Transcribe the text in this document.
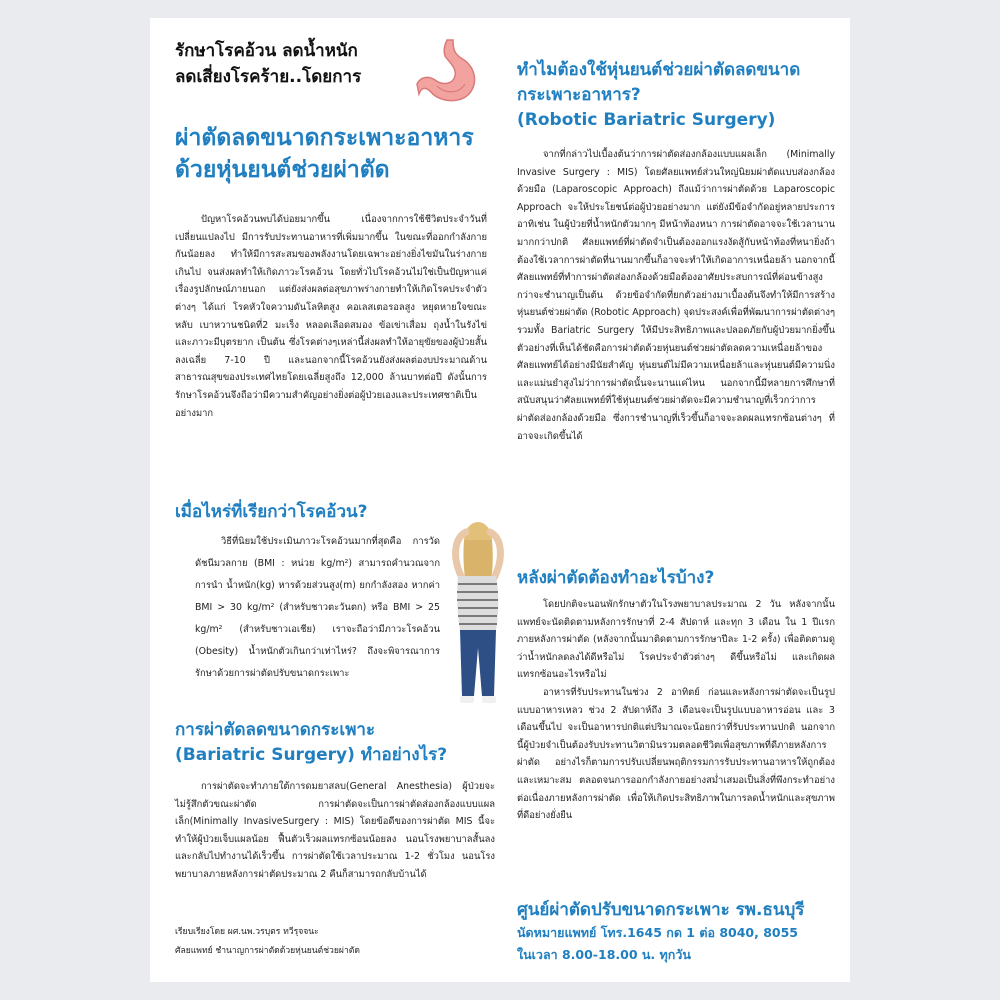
รักษาโรคอ้วน ลดน้ำหนัก
ลดเสี่ยงโรคร้าย..โดยการ
ผ่าตัดลดขนาดกระเพาะอาหาร
ด้วยหุ่นยนต์ช่วยผ่าตัด

ปัญหาโรคอ้วนพบได้บ่อยมากขึ้น เนื่องจากการใช้ชีวิตประจำวันที่เปลี่ยนแปลงไป มีการรับประทานอาหารที่เพิ่มมากขึ้น ในขณะที่ออกกำลังกายกันน้อยลง ทำให้มีการสะสมของพลังงานโดยเฉพาะอย่างยิ่งไขมันในร่างกายเกินไป จนส่งผลทำให้เกิดภาวะโรคอ้วน โดยทั่วไปโรคอ้วนไม่ใช่เป็นปัญหาแค่เรื่องรูปลักษณ์ภายนอก แต่ยังส่งผลต่อสุขภาพร่างกายทำให้เกิดโรคประจำตัวต่างๆ ได้แก่ โรคหัวใจความดันโลหิตสูง คอเลสเตอรอลสูง หยุดหายใจขณะหลับ เบาหวานชนิดที่2 มะเร็ง หลอดเลือดสมอง ข้อเข่าเสื่อม ถุงน้ำในรังไข่ และภาวะมีบุตรยาก เป็นต้น ซึ่งโรคต่างๆเหล่านี้ส่งผลทำให้อายุขัยของผู้ป่วยสั้นลงเฉลี่ย 7-10 ปี และนอกจากนี้โรคอ้วนยังส่งผลต่องบประมาณด้านสาธารณสุขของประเทศไทยโดยเฉลี่ยสูงถึง 12,000 ล้านบาทต่อปี ดังนั้นการรักษาโรคอ้วนจึงถือว่ามีความสำคัญอย่างยิ่งต่อผู้ป่วยเองและประเทศชาติเป็นอย่างมาก

เมื่อไหร่ที่เรียกว่าโรคอ้วน?

วิธีที่นิยมใช้ประเมินภาวะโรคอ้วนมากที่สุดคือ การวัดดัชนีมวลกาย (BMI : หน่วย kg/m²) สามารถคำนวณจากการนำ น้ำหนัก(kg) หารด้วยส่วนสูง(m) ยกกำลังสอง หากค่า BMI > 30 kg/m² (สำหรับชาวตะวันตก) หรือ BMI > 25 kg/m² (สำหรับชาวเอเชีย) เราจะถือว่ามีภาวะโรคอ้วน (Obesity) น้ำหนักตัวเกินกว่าเท่าไหร่? ถึงจะพิจารณาการรักษาด้วยการผ่าตัดปรับขนาดกระเพาะ

การผ่าตัดลดขนาดกระเพาะ
(Bariatric Surgery) ทำอย่างไร?

การผ่าตัดจะทำภายใต้การดมยาสลบ(General Anesthesia) ผู้ป่วยจะไม่รู้สึกตัวขณะผ่าตัด การผ่าตัดจะเป็นการผ่าตัดส่องกล้องแบบแผลเล็ก(Minimally InvasiveSurgery : MIS) โดยข้อดีของการผ่าตัด MIS นี้จะทำให้ผู้ป่วยเจ็บแผลน้อย ฟื้นตัวเร็วผลแทรกซ้อนน้อยลง นอนโรงพยาบาลสั้นลง และกลับไปทำงานได้เร็วขึ้น การผ่าตัดใช้เวลาประมาณ 1-2 ชั่วโมง นอนโรงพยาบาลภายหลังการผ่าตัดประมาณ 2 คืนก็สามารถกลับบ้านได้

เรียบเรียงโดย ผศ.นพ.วรบุตร ทวีรุจจนะ
ศัลยแพทย์ ชำนาญการผ่าตัดด้วยหุ่นยนต์ช่วยผ่าตัด
ทำไมต้องใช้หุ่นยนต์ช่วยผ่าตัดลดขนาด
กระเพาะอาหาร?
(Robotic Bariatric Surgery)

จากที่กล่าวไปเบื้องต้นว่าการผ่าตัดส่องกล้องแบบแผลเล็ก (Minimally Invasive Surgery : MIS) โดยศัลยแพทย์ส่วนใหญ่นิยมผ่าตัดแบบส่องกล้องด้วยมือ (Laparoscopic Approach) ถึงแม้ว่าการผ่าตัดด้วย Laparoscopic Approach จะให้ประโยชน์ต่อผู้ป่วยอย่างมาก แต่ยังมีข้อจำกัดอยู่หลายประการ อาทิเช่น ในผู้ป่วยที่น้ำหนักตัวมากๆ มีหน้าท้องหนา การผ่าตัดอาจจะใช้เวลานานมากกว่าปกติ ศัลยแพทย์ที่ผ่าตัดจำเป็นต้องออกแรงงัดสู้กับหน้าท้องที่หนายิ่งถ้าต้องใช้เวลาการผ่าตัดที่นานมากขึ้นก็อาจจะทำให้เกิดอาการเหนื่อยล้า นอกจากนี้ศัลยแพทย์ที่ทำการผ่าตัดส่องกล้องด้วยมือต้องอาศัยประสบการณ์ที่ค่อนข้างสูงกว่าจะชำนาญเป็นต้น ด้วยข้อจำกัดที่ยกตัวอย่างมาเบื้องต้นจึงทำให้มีการสร้างหุ่นยนต์ช่วยผ่าตัด (Robotic Approach) จุดประสงค์เพื่อที่พัฒนาการผ่าตัดต่างๆ รวมทั้ง Bariatric Surgery ให้มีประสิทธิภาพและปลอดภัยกับผู้ป่วยมากยิ่งขึ้น ตัวอย่างที่เห็นได้ชัดคือการผ่าตัดด้วยหุ่นยนต์ช่วยผ่าตัดลดความเหนื่อยล้าของศัลยแพทย์ได้อย่างมีนัยสำคัญ หุ่นยนต์ไม่มีความเหนื่อยล้าและหุ่นยนต์มีความนิ่งและแม่นยำสูงไม่ว่าการผ่าตัดนั้นจะนานแค่ไหน นอกจากนี้มีหลายการศึกษาที่สนับสนุนว่าศัลยแพทย์ที่ใช้หุ่นยนต์ช่วยผ่าตัดจะมีความชำนาญที่เร็วกว่าการผ่าตัดส่องกล้องด้วยมือ ซึ่งการชำนาญที่เร็วขึ้นก็อาจจะลดผลแทรกซ้อนต่างๆ ที่อาจจะเกิดขึ้นได้

หลังผ่าตัดต้องทำอะไรบ้าง?

โดยปกติจะนอนพักรักษาตัวในโรงพยาบาลประมาณ 2 วัน หลังจากนั้นแพทย์จะนัดติดตามหลังการรักษาที่ 2-4 สัปดาห์ และทุก 3 เดือน ใน 1 ปีแรกภายหลังการผ่าตัด (หลังจากนั้นมาติดตามการรักษาปีละ 1-2 ครั้ง) เพื่อติดตามดูว่าน้ำหนักลดลงได้ดีหรือไม่ โรคประจำตัวต่างๆ ดีขึ้นหรือไม่ และเกิดผลแทรกซ้อนอะไรหรือไม่

อาหารที่รับประทานในช่วง 2 อาทิตย์ ก่อนและหลังการผ่าตัดจะเป็นรูปแบบอาหารเหลว ช่วง 2 สัปดาห์ถึง 3 เดือนจะเป็นรูปแบบอาหารอ่อน และ 3 เดือนขึ้นไป จะเป็นอาหารปกติแต่ปริมาณจะน้อยกว่าที่รับประทานปกติ นอกจากนี้ผู้ป่วยจำเป็นต้องรับประทานวิตามินรวมตลอดชีวิตเพื่อสุขภาพที่ดีภายหลังการผ่าตัด อย่างไรก็ตามการปรับเปลี่ยนพฤติกรรมการรับประทานอาหารให้ถูกต้องและเหมาะสม ตลอดจนการออกกำลังกายอย่างสม่ำเสมอเป็นสิ่งที่พึงกระทำอย่างต่อเนื่องภายหลังการผ่าตัด เพื่อให้เกิดประสิทธิภาพในการลดน้ำหนักและสุขภาพที่ดีอย่างยั่งยืน

ศูนย์ผ่าตัดปรับขนาดกระเพาะ รพ.ธนบุรี
นัดหมายแพทย์ โทร.1645 กด 1 ต่อ 8040, 8055
ในเวลา 8.00-18.00 น. ทุกวัน
